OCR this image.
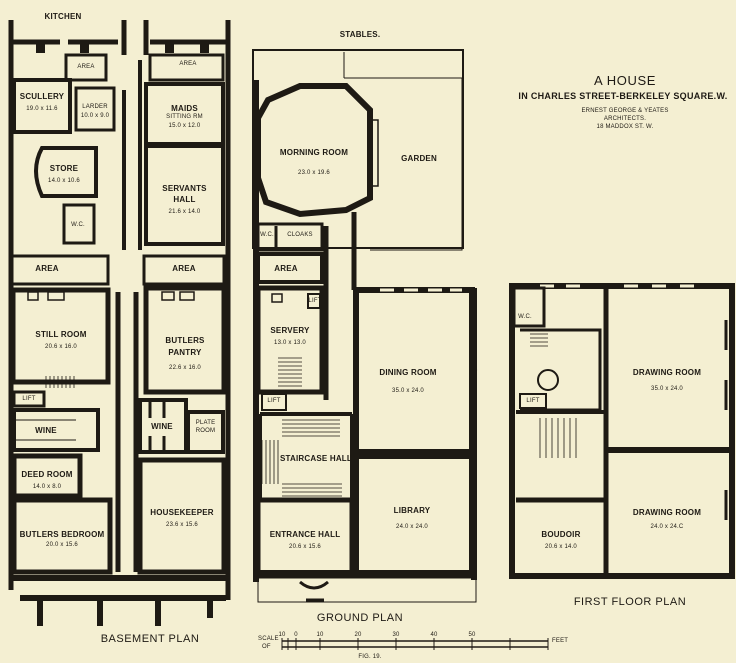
A HOUSE
IN CHARLES STREET-BERKELEY SQUARE.W.
ERNEST GEORGE & YEATES
ARCHITECTS.
18 MADDOX ST. W.
KITCHEN
AREA	AREA
SCULLERY
19.0 x 11.6	LARDER
10.0 x 9.0
MAIDS
SITTING RM
15.0 x 12.0
STORE
14.0 x 10.6
SERVANTS
HALL
21.6 x 14.0
W.C.
AREA	AREA
STILL ROOM
20.6 x 16.0
BUTLERS
PANTRY
22.6 x 16.0
LIFT
WINE	WINE	PLATE
ROOM
DEED ROOM
14.0 x 8.0
BUTLERS BEDROOM
20.0 x 15.6
HOUSEKEEPER
23.6 x 15.6
BASEMENT PLAN
STABLES.
GARDEN
MORNING ROOM
23.0 x 19.6
W.C.	CLOAKS
AREA
SERVERY
13.0 x 13.0
LIFT
LIFT
DINING ROOM
35.0 x 24.0
STAIRCASE HALL
LIBRARY
24.0 x 24.0
ENTRANCE HALL
20.6 x 15.6
GROUND PLAN
W.C.
LIFT
DRAWING ROOM
35.0 x 24.0
DRAWING ROOM
24.0 x 24.C
BOUDOIR
20.6 x 14.0
FIRST FLOOR PLAN
SCALE
OF
10	0	10	20	30	40	50
FEET
FIG. 19.
